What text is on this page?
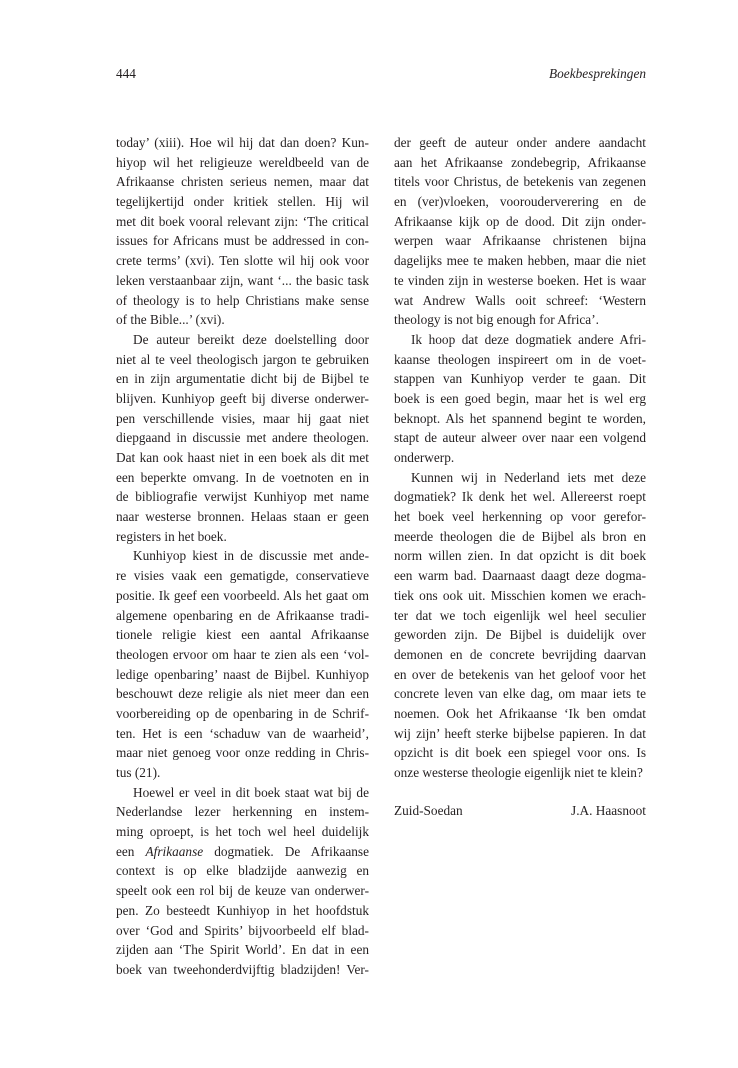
444	Boekbesprekingen
today’ (xiii). Hoe wil hij dat dan doen? Kun-
hiyop wil het religieuze wereldbeeld van de
Afrikaanse christen serieus nemen, maar dat
tegelijkertijd onder kritiek stellen. Hij wil
met dit boek vooral relevant zijn: ‘The critical
issues for Africans must be addressed in con-
crete terms’ (xvi). Ten slotte wil hij ook voor
leken verstaanbaar zijn, want ‘... the basic task
of theology is to help Christians make sense
of the Bible...’ (xvi).
De auteur bereikt deze doelstelling door
niet al te veel theologisch jargon te gebruiken
en in zijn argumentatie dicht bij de Bijbel te
blijven. Kunhiyop geeft bij diverse onderwer-
pen verschillende visies, maar hij gaat niet
diepgaand in discussie met andere theologen.
Dat kan ook haast niet in een boek als dit met
een beperkte omvang. In de voetnoten en in
de bibliografie verwijst Kunhiyop met name
naar westerse bronnen. Helaas staan er geen
registers in het boek.
Kunhiyop kiest in de discussie met ande-
re visies vaak een gematigde, conservatieve
positie. Ik geef een voorbeeld. Als het gaat om
algemene openbaring en de Afrikaanse tradi-
tionele religie kiest een aantal Afrikaanse
theologen ervoor om haar te zien als een ‘vol-
ledige openbaring’ naast de Bijbel. Kunhiyop
beschouwt deze religie als niet meer dan een
voorbereiding op de openbaring in de Schrif-
ten. Het is een ‘schaduw van de waarheid’,
maar niet genoeg voor onze redding in Chris-
tus (21).
Hoewel er veel in dit boek staat wat bij de
Nederlandse lezer herkenning en instem-
ming oproept, is het toch wel heel duidelijk
een Afrikaanse dogmatiek. De Afrikaanse
context is op elke bladzijde aanwezig en
speelt ook een rol bij de keuze van onderwer-
pen. Zo besteedt Kunhiyop in het hoofdstuk
over ‘God and Spirits’ bijvoorbeeld elf blad-
zijden aan ‘The Spirit World’. En dat in een
boek van tweehonderdvijftig bladzijden! Ver-
der geeft de auteur onder andere aandacht
aan het Afrikaanse zondebegrip, Afrikaanse
titels voor Christus, de betekenis van zegenen
en (ver)vloeken, voorouderverering en de
Afrikaanse kijk op de dood. Dit zijn onder-
werpen waar Afrikaanse christenen bijna
dagelijks mee te maken hebben, maar die niet
te vinden zijn in westerse boeken. Het is waar
wat Andrew Walls ooit schreef: ‘Western
theology is not big enough for Africa’.
Ik hoop dat deze dogmatiek andere Afri-
kaanse theologen inspireert om in de voet-
stappen van Kunhiyop verder te gaan. Dit
boek is een goed begin, maar het is wel erg
beknopt. Als het spannend begint te worden,
stapt de auteur alweer over naar een volgend
onderwerp.
Kunnen wij in Nederland iets met deze
dogmatiek? Ik denk het wel. Allereerst roept
het boek veel herkenning op voor gerefor-
meerde theologen die de Bijbel als bron en
norm willen zien. In dat opzicht is dit boek
een warm bad. Daarnaast daagt deze dogma-
tiek ons ook uit. Misschien komen we erach-
ter dat we toch eigenlijk wel heel seculier
geworden zijn. De Bijbel is duidelijk over
demonen en de concrete bevrijding daarvan
en over de betekenis van het geloof voor het
concrete leven van elke dag, om maar iets te
noemen. Ook het Afrikaanse ‘Ik ben omdat
wij zijn’ heeft sterke bijbelse papieren. In dat
opzicht is dit boek een spiegel voor ons. Is
onze westerse theologie eigenlijk niet te klein?
Zuid-Soedan	J.A. Haasnoot
